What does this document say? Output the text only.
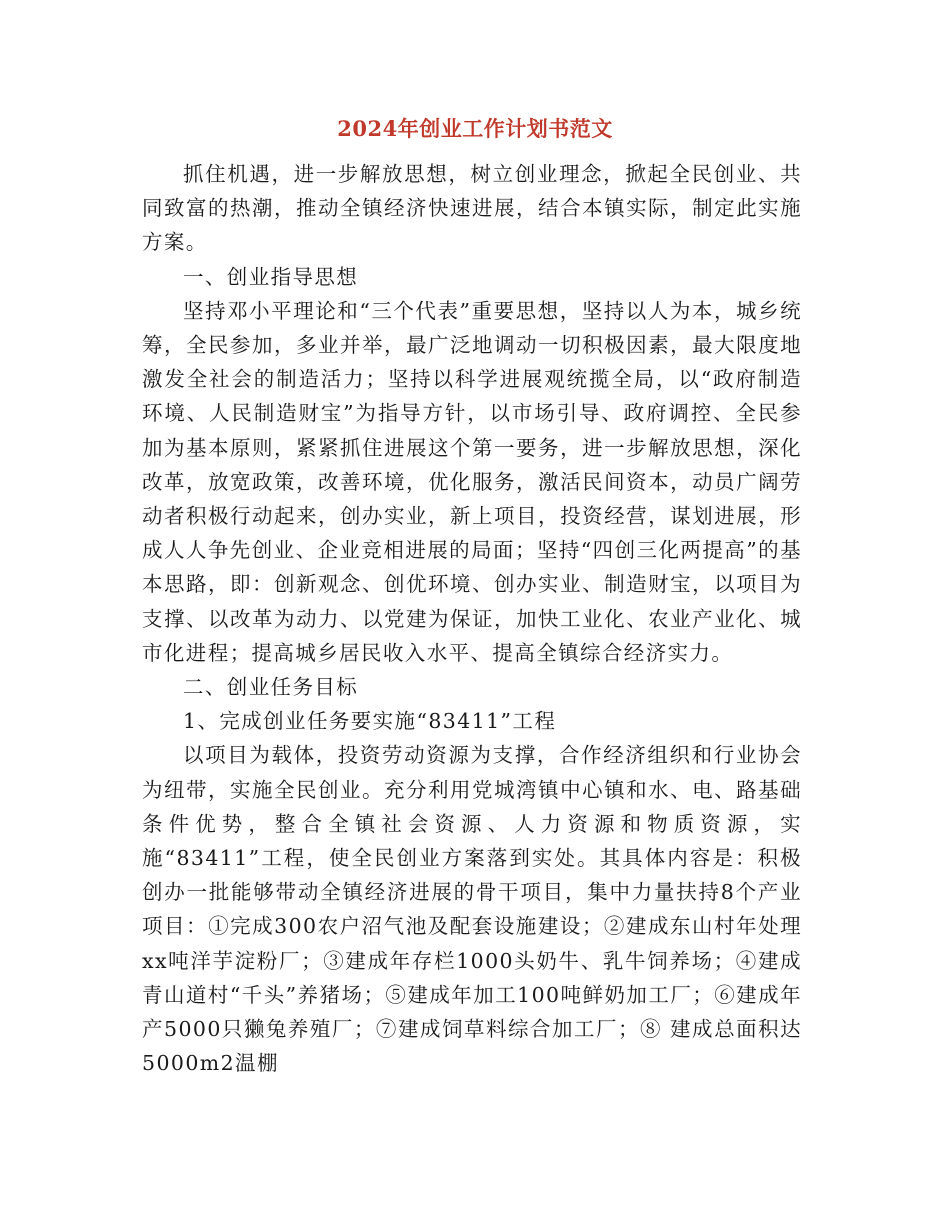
2024年创业工作计划书范文

抓住机遇，进一步解放思想，树立创业理念，掀起全民创业、共同致富的热潮，推动全镇经济快速进展，结合本镇实际，制定此实施方案。

一、创业指导思想

坚持邓小平理论和“三个代表”重要思想，坚持以人为本，城乡统筹，全民参加，多业并举，最广泛地调动一切积极因素，最大限度地激发全社会的制造活力；坚持以科学进展观统揽全局，以“政府制造环境、人民制造财宝”为指导方针，以市场引导、政府调控、全民参加为基本原则，紧紧抓住进展这个第一要务，进一步解放思想，深化改革，放宽政策，改善环境，优化服务，激活民间资本，动员广阔劳动者积极行动起来，创办实业，新上项目，投资经营，谋划进展，形成人人争先创业、企业竞相进展的局面；坚持“四创三化两提高”的基本思路，即：创新观念、创优环境、创办实业、制造财宝，以项目为支撑、以改革为动力、以党建为保证，加快工业化、农业产业化、城市化进程；提高城乡居民收入水平、提高全镇综合经济实力。

二、创业任务目标

1、完成创业任务要实施“83411”工程

以项目为载体，投资劳动资源为支撑，合作经济组织和行业协会为纽带，实施全民创业。充分利用党城湾镇中心镇和水、电、路基础条件优势，整合全镇社会资源、人力资源和物质资源，实施“83411”工程，使全民创业方案落到实处。其具体内容是：积极创办一批能够带动全镇经济进展的骨干项目，集中力量扶持8个产业项目：①完成300农户沼气池及配套设施建设；②建成东山村年处理xx吨洋芋淀粉厂；③建成年存栏1000头奶牛、乳牛饲养场；④建成青山道村“千头”养猪场；⑤建成年加工100吨鲜奶加工厂；⑥建成年产5000只獭兔养殖厂；⑦建成饲草料综合加工厂；⑧ 建成总面积达5000m2温棚
